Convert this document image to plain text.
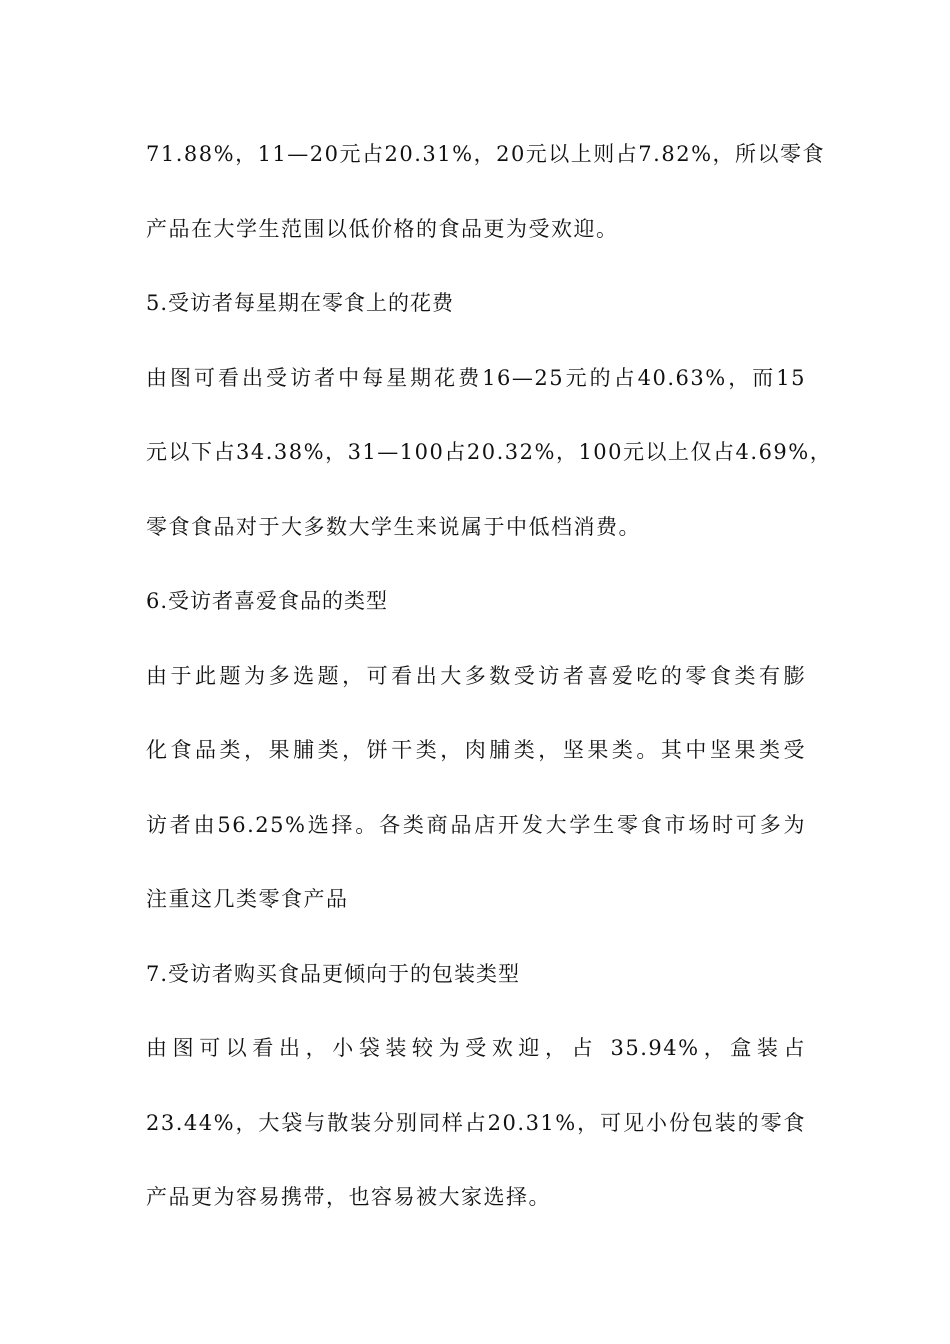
71.88%，11—20元占20.31%，20元以上则占7.82%，所以零食
产品在大学生范围以低价格的食品更为受欢迎。
5.受访者每星期在零食上的花费
由图可看出受访者中每星期花费16—25元的占40.63%，而15
元以下占34.38%，31—100占20.32%，100元以上仅占4.69%，
零食食品对于大多数大学生来说属于中低档消费。
6.受访者喜爱食品的类型
由于此题为多选题，可看出大多数受访者喜爱吃的零食类有膨
化食品类，果脯类，饼干类，肉脯类，坚果类。其中坚果类受
访者由56.25%选择。各类商品店开发大学生零食市场时可多为
注重这几类零食产品
7.受访者购买食品更倾向于的包装类型
由图可以看出，小袋装较为受欢迎，占 35.94%，盒装占
23.44%，大袋与散装分别同样占20.31%，可见小份包装的零食
产品更为容易携带，也容易被大家选择。
